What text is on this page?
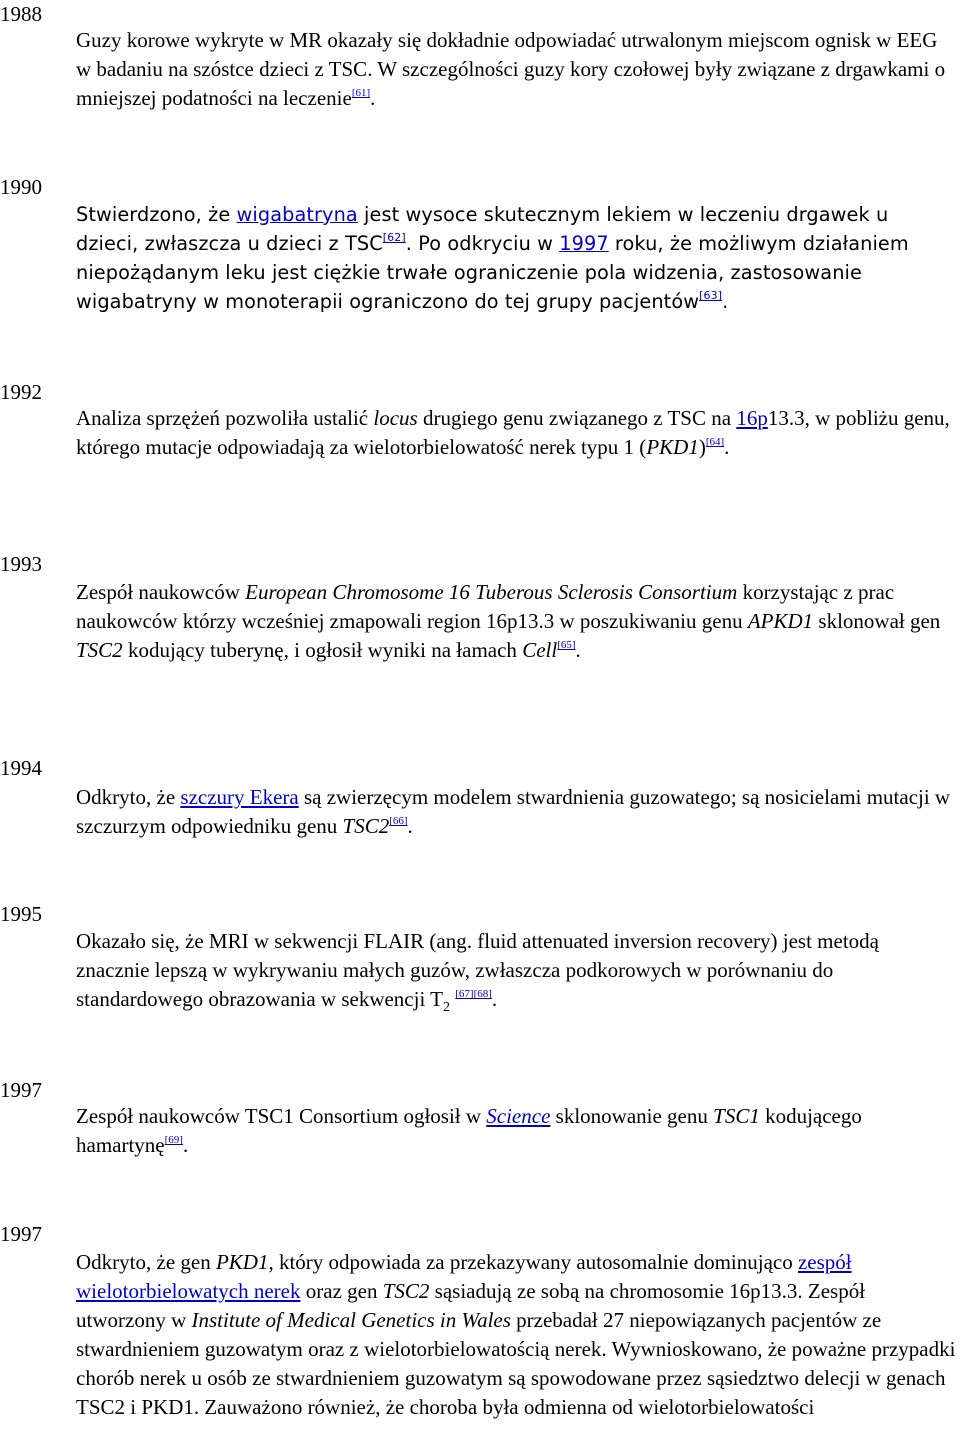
1988
Guzy korowe wykryte w MR okazały się dokładnie odpowiadać utrwalonym miejscom ognisk w EEG w badaniu na szóstce dzieci z TSC. W szczególności guzy kory czołowej były związane z drgawkami o mniejszej podatności na leczenie[61].
1990
Stwierdzono, że wigabatryna jest wysoce skutecznym lekiem w leczeniu drgawek u dzieci, zwłaszcza u dzieci z TSC[62]. Po odkryciu w 1997 roku, że możliwym działaniem niepożądanym leku jest ciężkie trwałe ograniczenie pola widzenia, zastosowanie wigabatryny w monoterapii ograniczono do tej grupy pacjentów[63].
1992
Analiza sprzężeń pozwoliła ustalić locus drugiego genu związanego z TSC na 16p13.3, w pobliżu genu, którego mutacje odpowiadają za wielotorbielowatość nerek typu 1 (PKD1)[64].
1993
Zespół naukowców European Chromosome 16 Tuberous Sclerosis Consortium korzystając z prac naukowców którzy wcześniej zmapowali region 16p13.3 w poszukiwaniu genu APKD1 sklonował gen TSC2 kodujący tuberynę, i ogłosił wyniki na łamach Cell[65].
1994
Odkryto, że szczury Ekera są zwierzęcym modelem stwardnienia guzowatego; są nosicielami mutacji w szczurzym odpowiedniku genu TSC2[66].
1995
Okazało się, że MRI w sekwencji FLAIR (ang. fluid attenuated inversion recovery) jest metodą znacznie lepszą w wykrywaniu małych guzów, zwłaszcza podkorowych w porównaniu do standardowego obrazowania w sekwencji $T_2$ [67][68].
1997
Zespół naukowców TSC1 Consortium ogłosił w Science sklonowanie genu TSC1 kodującego hamartynę[69].
1997
Odkryto, że gen PKD1, który odpowiada za przekazywany autosomalnie dominująco zespół wielotorbielowatych nerek oraz gen TSC2 sąsiadują ze sobą na chromosomie 16p13.3. Zespół utworzony w Institute of Medical Genetics in Wales przebadał 27 niepowiązanych pacjentów ze stwardnieniem guzowatym oraz z wielotorbielowatością nerek. Wywnioskowano, że poważne przypadki chorób nerek u osób ze stwardnieniem guzowatym są spowodowane przez sąsiedztwo delecji w genach TSC2 i PKD1. Zauważono również, że choroba była odmienna od wielotorbielowatości
